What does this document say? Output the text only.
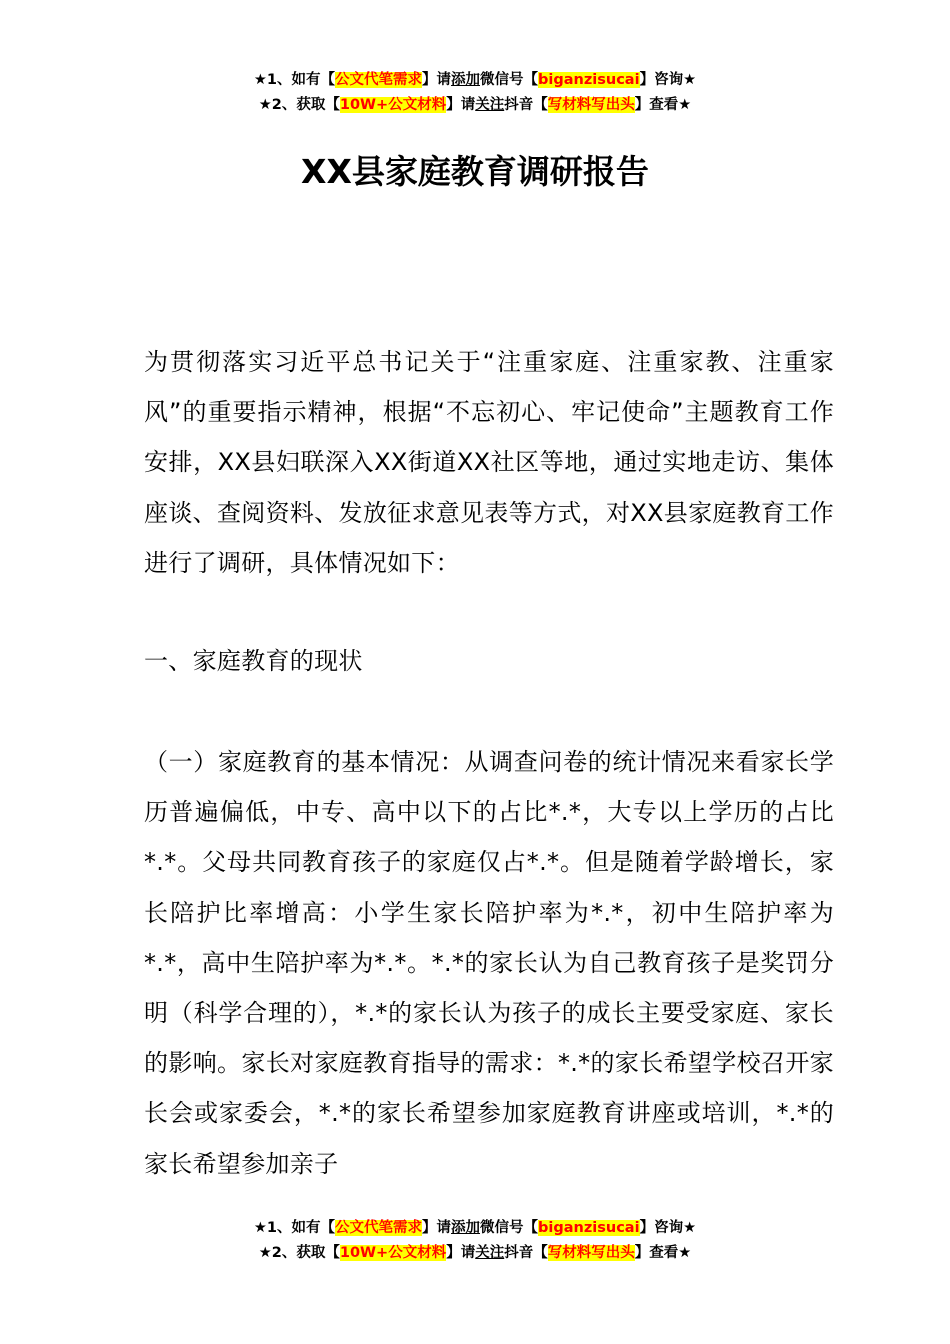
★1、如有【公文代笔需求】请添加微信号【biganzisucai】咨询★
★2、获取【10W+公文材料】请关注抖音【写材料写出头】查看★
XX县家庭教育调研报告

为贯彻落实习近平总书记关于“注重家庭、注重家教、注重家风”的重要指示精神，根据“不忘初心、牢记使命”主题教育工作安排，XX县妇联深入XX街道XX社区等地，通过实地走访、集体座谈、查阅资料、发放征求意见表等方式，对XX县家庭教育工作进行了调研，具体情况如下：

一、家庭教育的现状

（一）家庭教育的基本情况：从调查问卷的统计情况来看家长学历普遍偏低，中专、高中以下的占比*.*，大专以上学历的占比*.*。父母共同教育孩子的家庭仅占*.*。但是随着学龄增长，家长陪护比率增高：小学生家长陪护率为*.*，初中生陪护率为*.*，高中生陪护率为*.*。*.*的家长认为自己教育孩子是奖罚分明（科学合理的），*.*的家长认为孩子的成长主要受家庭、家长的影响。家长对家庭教育指导的需求：*.*的家长希望学校召开家长会或家委会，*.*的家长希望参加家庭教育讲座或培训，*.*的家长希望参加亲子

★1、如有【公文代笔需求】请添加微信号【biganzisucai】咨询★
★2、获取【10W+公文材料】请关注抖音【写材料写出头】查看★
